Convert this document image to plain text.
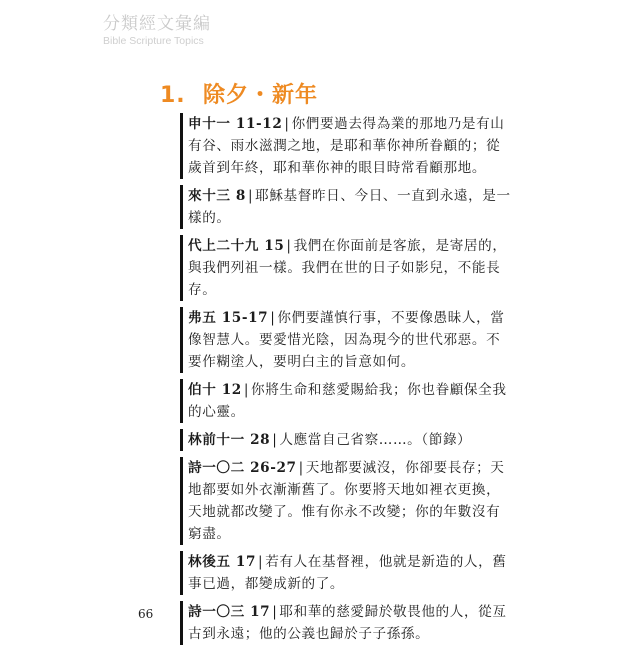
分類經文彙編
Bible Scripture Topics
1. 除夕・新年
申十一 11-12 | 你們要過去得為業的那地乃是有山有谷、雨水滋潤之地，是耶和華你神所眷顧的；從歲首到年終，耶和華你神的眼目時常看顧那地。
來十三 8 | 耶穌基督昨日、今日、一直到永遠，是一樣的。
代上二十九 15 | 我們在你面前是客旅，是寄居的，與我們列祖一樣。我們在世的日子如影兒，不能長存。
弗五 15-17 | 你們要謹慎行事，不要像愚昧人，當像智慧人。要愛惜光陰，因為現今的世代邪惡。不要作糊塗人，要明白主的旨意如何。
伯十 12 | 你將生命和慈愛賜給我；你也眷顧保全我的心靈。
林前十一 28 | 人應當自己省察……。（節錄）
詩一〇二 26-27 | 天地都要滅沒，你卻要長存；天地都要如外衣漸漸舊了。你要將天地如裡衣更換，天地就都改變了。惟有你永不改變；你的年數沒有窮盡。
林後五 17 | 若有人在基督裡，他就是新造的人，舊事已過，都變成新的了。
詩一〇三 17 | 耶和華的慈愛歸於敬畏他的人，從亙古到永遠；他的公義也歸於子子孫孫。
66
